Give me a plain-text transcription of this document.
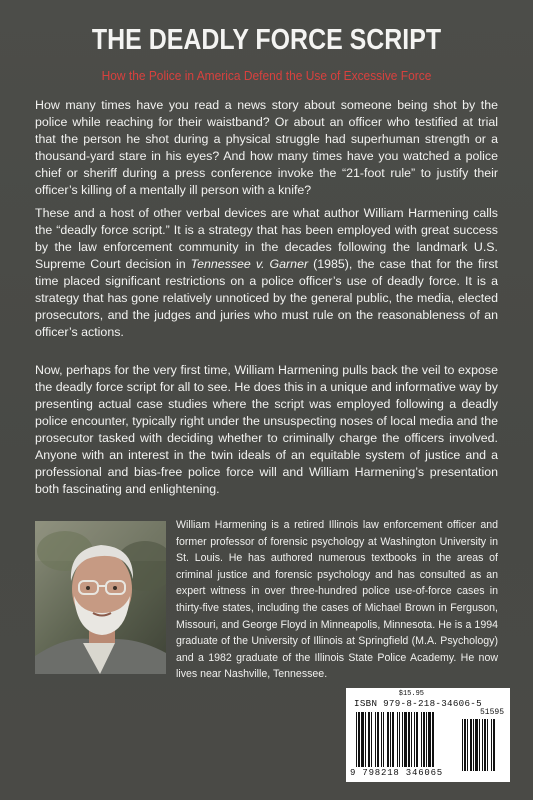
THE DEADLY FORCE SCRIPT
How the Police in America Defend the Use of Excessive Force
How many times have you read a news story about someone being shot by the police while reaching for their waistband? Or about an officer who testified at trial that the person he shot during a physical struggle had superhuman strength or a thousand-yard stare in his eyes? And how many times have you watched a police chief or sheriff during a press conference invoke the “21-foot rule” to justify their officer’s killing of a mentally ill person with a knife?
These and a host of other verbal devices are what author William Harmening calls the “deadly force script.” It is a strategy that has been employed with great success by the law enforcement community in the decades following the landmark U.S. Supreme Court decision in Tennessee v. Garner (1985), the case that for the first time placed significant restrictions on a police officer’s use of deadly force. It is a strategy that has gone relatively unnoticed by the general public, the media, elected prosecutors, and the judges and juries who must rule on the reasonableness of an officer’s actions.
Now, perhaps for the very first time, William Harmening pulls back the veil to expose the deadly force script for all to see. He does this in a unique and informative way by presenting actual case studies where the script was employed following a deadly police encounter, typically right under the unsuspecting noses of local media and the prosecutor tasked with deciding whether to criminally charge the officers involved. Anyone with an interest in the twin ideals of an equitable system of justice and a professional and bias-free police force will and William Harmening’s presentation both fascinating and enlightening.
William Harmening is a retired Illinois law enforcement officer and former professor of forensic psychology at Washington University in St. Louis. He has authored numerous textbooks in the areas of criminal justice and forensic psychology and has consulted as an expert witness in over three-hundred police use-of-force cases in thirty-five states, including the cases of Michael Brown in Ferguson, Missouri, and George Floyd in Minneapolis, Minnesota. He is a 1994 graduate of the University of Illinois at Springfield (M.A. Psychology) and a 1982 graduate of the Illinois State Police Academy. He now lives near Nashville, Tennessee.
$15.95
ISBN 979-8-218-34606-5
51595
9 798218 346065
